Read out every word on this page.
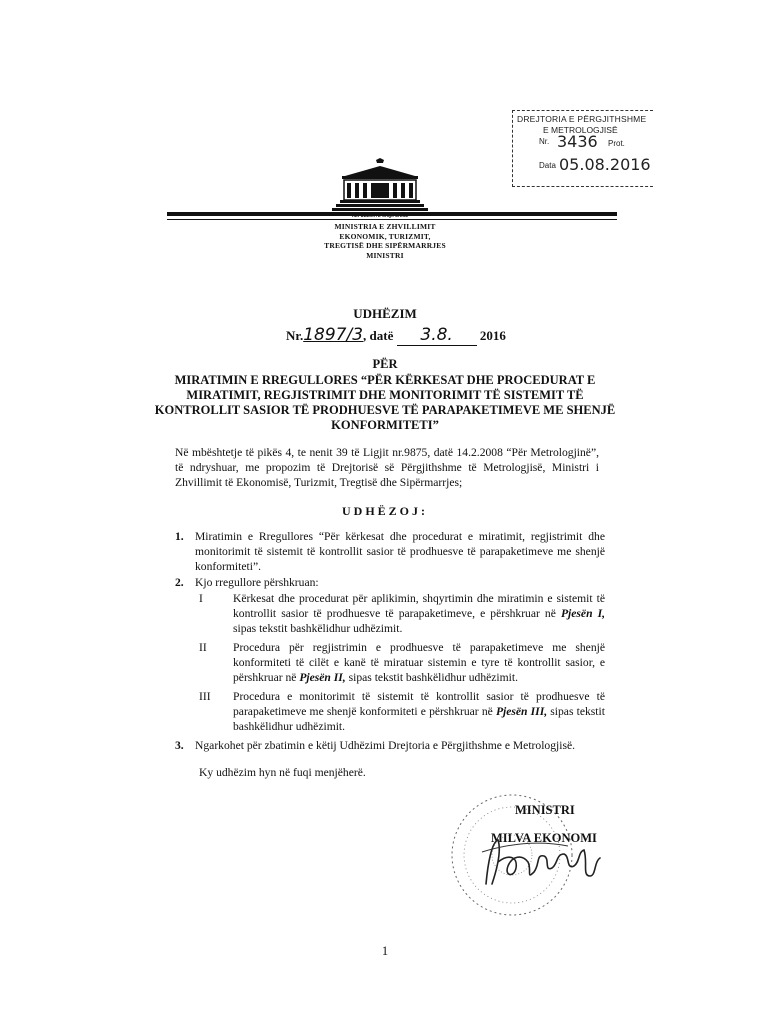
DREJTORIA E PËRGJITHSHME
E METROLOGJISË
Nr. 3436 Prot.
Data 05.08.2016
MINISTRIA E ZHVILLIMIT
EKONOMIK, TURIZMIT,
TREGTISË DHE SIPËRMARRJES
MINISTRI
UDHËZIM
Nr.1897/3, datë 3.8. 2016
PËR
MIRATIMIN E RREGULLORES “PËR KËRKESAT DHE PROCEDURAT E
MIRATIMIT, REGJISTRIMIT DHE MONITORIMIT TË SISTEMIT TË
KONTROLLIT SASIOR TË PRODHUESVE TË PARAPAKETIMEVE ME SHENJË
KONFORMITETI”
Në mbështetje të pikës 4, te nenit 39 të Ligjit nr.9875, datë 14.2.2008 “Për Metrologjinë”, të ndryshuar, me propozim të Drejtorisë së Përgjithshme të Metrologjisë, Ministri i Zhvillimit të Ekonomisë, Turizmit, Tregtisë dhe Sipërmarrjes;
UDHËZOJ:
1. Miratimin e Rregullores “Për kërkesat dhe procedurat e miratimit, regjistrimit dhe monitorimit të sistemit të kontrollit sasior të prodhuesve të parapaketimeve me shenjë konformiteti”.
2. Kjo rregullore përshkruan:
I	Kërkesat dhe procedurat për aplikimin, shqyrtimin dhe miratimin e sistemit të kontrollit sasior të prodhuesve të parapaketimeve, e përshkruar në Pjesën I, sipas tekstit bashkëlidhur udhëzimit.
II Procedura për regjistrimin e prodhuesve të parapaketimeve me shenjë konformiteti të cilët e kanë të miratuar sistemin e tyre të kontrollit sasior, e përshkruar në Pjesën II, sipas tekstit bashkëlidhur udhëzimit.
III Procedura e monitorimit të sistemit të kontrollit sasior të prodhuesve të parapaketimeve me shenjë konformiteti e përshkruar në Pjesën III, sipas tekstit bashkëlidhur udhëzimit.
3. Ngarkohet për zbatimin e këtij Udhëzimi Drejtoria e Përgjithshme e Metrologjisë.
Ky udhëzim hyn në fuqi menjëherë.
MINISTRI
MILVA EKONOMI
1
